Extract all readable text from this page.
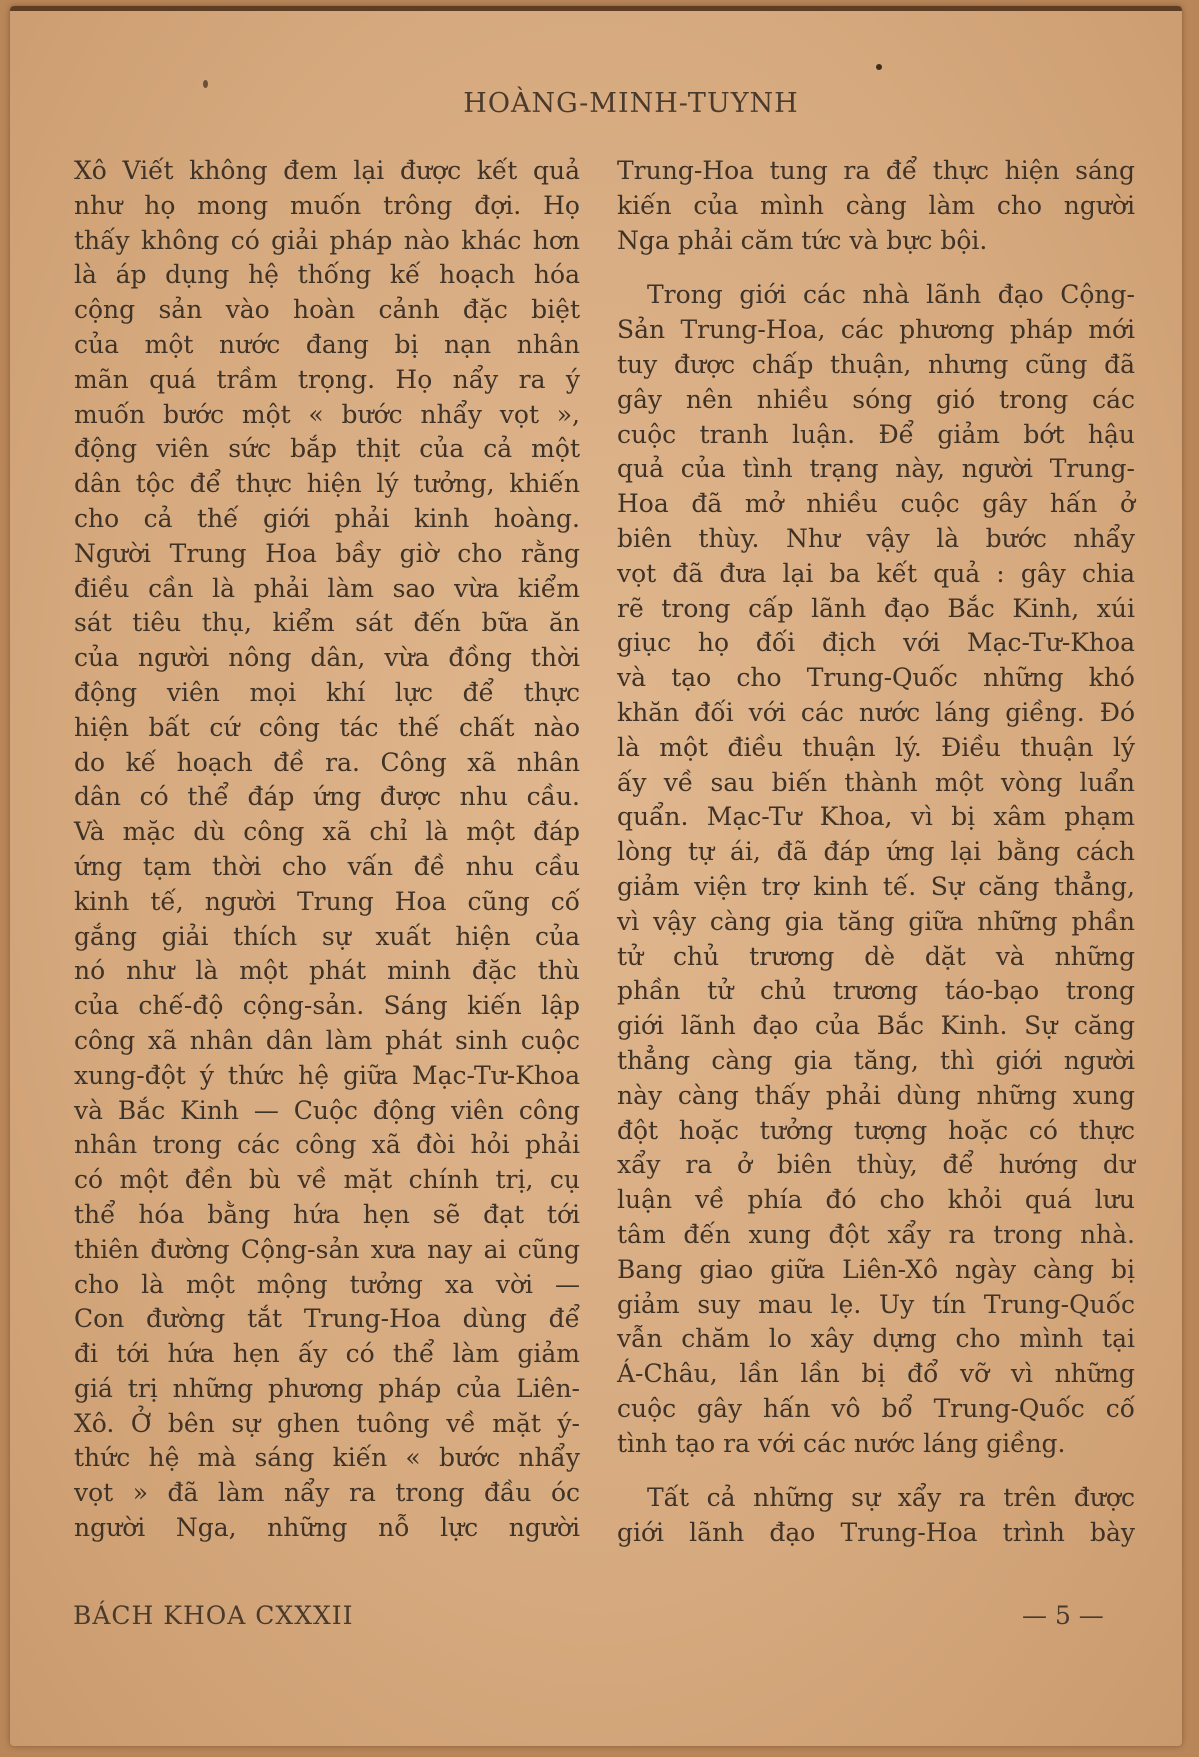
HOÀNG-MINH-TUYNH
Xô Viết không đem lại được kết quả
như họ mong muốn trông đợi. Họ
thấy không có giải pháp nào khác hơn
là áp dụng hệ thống kế hoạch hóa
cộng sản vào hoàn cảnh đặc biệt
của một nước đang bị nạn nhân
mãn quá trầm trọng. Họ nẩy ra ý
muốn bước một « bước nhẩy vọt »,
động viên sức bắp thịt của cả một
dân tộc để thực hiện lý tưởng, khiến
cho cả thế giới phải kinh hoàng.
Người Trung Hoa bầy giờ cho rằng
điều cần là phải làm sao vừa kiểm
sát tiêu thụ, kiểm sát đến bữa ăn
của người nông dân, vừa đồng thời
động viên mọi khí lực để thực
hiện bất cứ công tác thế chất nào
do kế hoạch đề ra. Công xã nhân
dân có thể đáp ứng được nhu cầu.
Và mặc dù công xã chỉ là một đáp
ứng tạm thời cho vấn đề nhu cầu
kinh tế, người Trung Hoa cũng cố
gắng giải thích sự xuất hiện của
nó như là một phát minh đặc thù
của chế-độ cộng-sản. Sáng kiến lập
công xã nhân dân làm phát sinh cuộc
xung-đột ý thức hệ giữa Mạc-Tư-Khoa
và Bắc Kinh — Cuộc động viên công
nhân trong các công xã đòi hỏi phải
có một đền bù về mặt chính trị, cụ
thể hóa bằng hứa hẹn sẽ đạt tới
thiên đường Cộng-sản xưa nay ai cũng
cho là một mộng tưởng xa vời —
Con đường tắt Trung-Hoa dùng để
đi tới hứa hẹn ấy có thể làm giảm
giá trị những phương pháp của Liên-
Xô. Ở bên sự ghen tuông về mặt ý-
thức hệ mà sáng kiến « bước nhẩy
vọt » đã làm nẩy ra trong đầu óc
người Nga, những nỗ lực người
Trung-Hoa tung ra để thực hiện sáng
kiến của mình càng làm cho người
Nga phải căm tức và bực bội.
Trong giới các nhà lãnh đạo Cộng-
Sản Trung-Hoa, các phương pháp mới
tuy được chấp thuận, nhưng cũng đã
gây nên nhiều sóng gió trong các
cuộc tranh luận. Để giảm bớt hậu
quả của tình trạng này, người Trung-
Hoa đã mở nhiều cuộc gây hấn ở
biên thùy. Như vậy là bước nhẩy
vọt đã đưa lại ba kết quả : gây chia
rẽ trong cấp lãnh đạo Bắc Kinh, xúi
giục họ đối địch với Mạc-Tư-Khoa
và tạo cho Trung-Quốc những khó
khăn đối với các nước láng giềng. Đó
là một điều thuận lý. Điều thuận lý
ấy về sau biến thành một vòng luẩn
quẩn. Mạc-Tư Khoa, vì bị xâm phạm
lòng tự ái, đã đáp ứng lại bằng cách
giảm viện trợ kinh tế. Sự căng thẳng,
vì vậy càng gia tăng giữa những phần
tử chủ trương dè dặt và những
phần tử chủ trương táo-bạo trong
giới lãnh đạo của Bắc Kinh. Sự căng
thẳng càng gia tăng, thì giới người
này càng thấy phải dùng những xung
đột hoặc tưởng tượng hoặc có thực
xẩy ra ở biên thùy, để hướng dư
luận về phía đó cho khỏi quá lưu
tâm đến xung đột xẩy ra trong nhà.
Bang giao giữa Liên-Xô ngày càng bị
giảm suy mau lẹ. Uy tín Trung-Quốc
vẫn chăm lo xây dựng cho mình tại
Á-Châu, lần lần bị đổ vỡ vì những
cuộc gây hấn vô bổ Trung-Quốc cố
tình tạo ra với các nước láng giềng.
Tất cả những sự xẩy ra trên được
giới lãnh đạo Trung-Hoa trình bày
BÁCH KHOA CXXXII	— 5 —
